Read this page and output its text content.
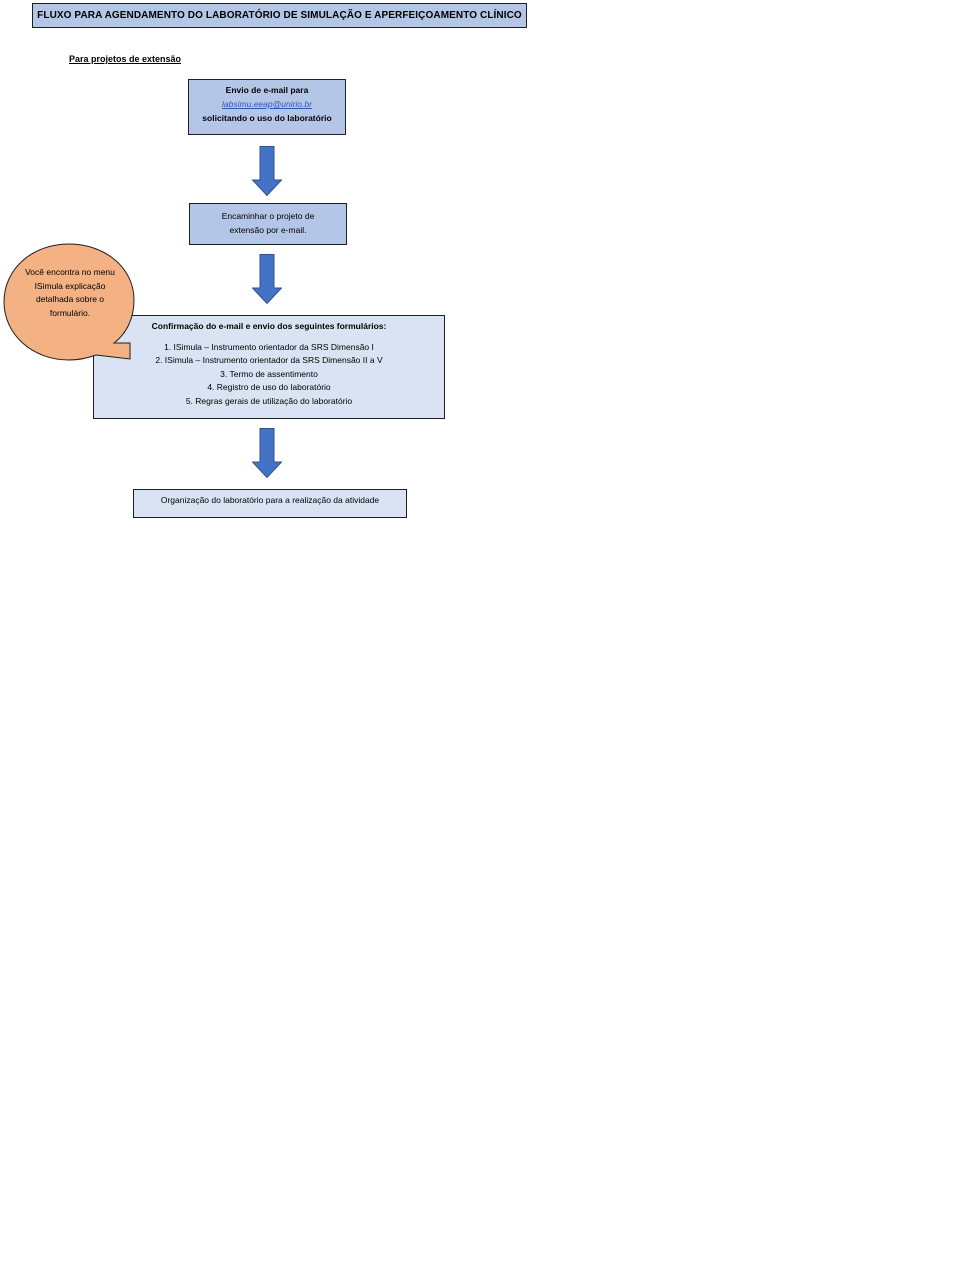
FLUXO PARA AGENDAMENTO DO LABORATÓRIO DE SIMULAÇÃO E APERFEIÇOAMENTO CLÍNICO
Para projetos de extensão
Envio de e-mail para
labsimu.eeap@unirio.br
solicitando o uso do laboratório
Encaminhar o projeto de extensão por e-mail.
Confirmação do e-mail e envio dos seguintes formulários:
1. ISimula – Instrumento orientador da SRS Dimensão I
2. ISimula – Instrumento orientador da SRS Dimensão II a V
3. Termo de assentimento
4. Registro de uso do laboratório
5. Regras gerais de utilização do laboratório
Você encontra no menu ISimula explicação detalhada sobre o formulário.
Organização do laboratório para a realização da atividade
